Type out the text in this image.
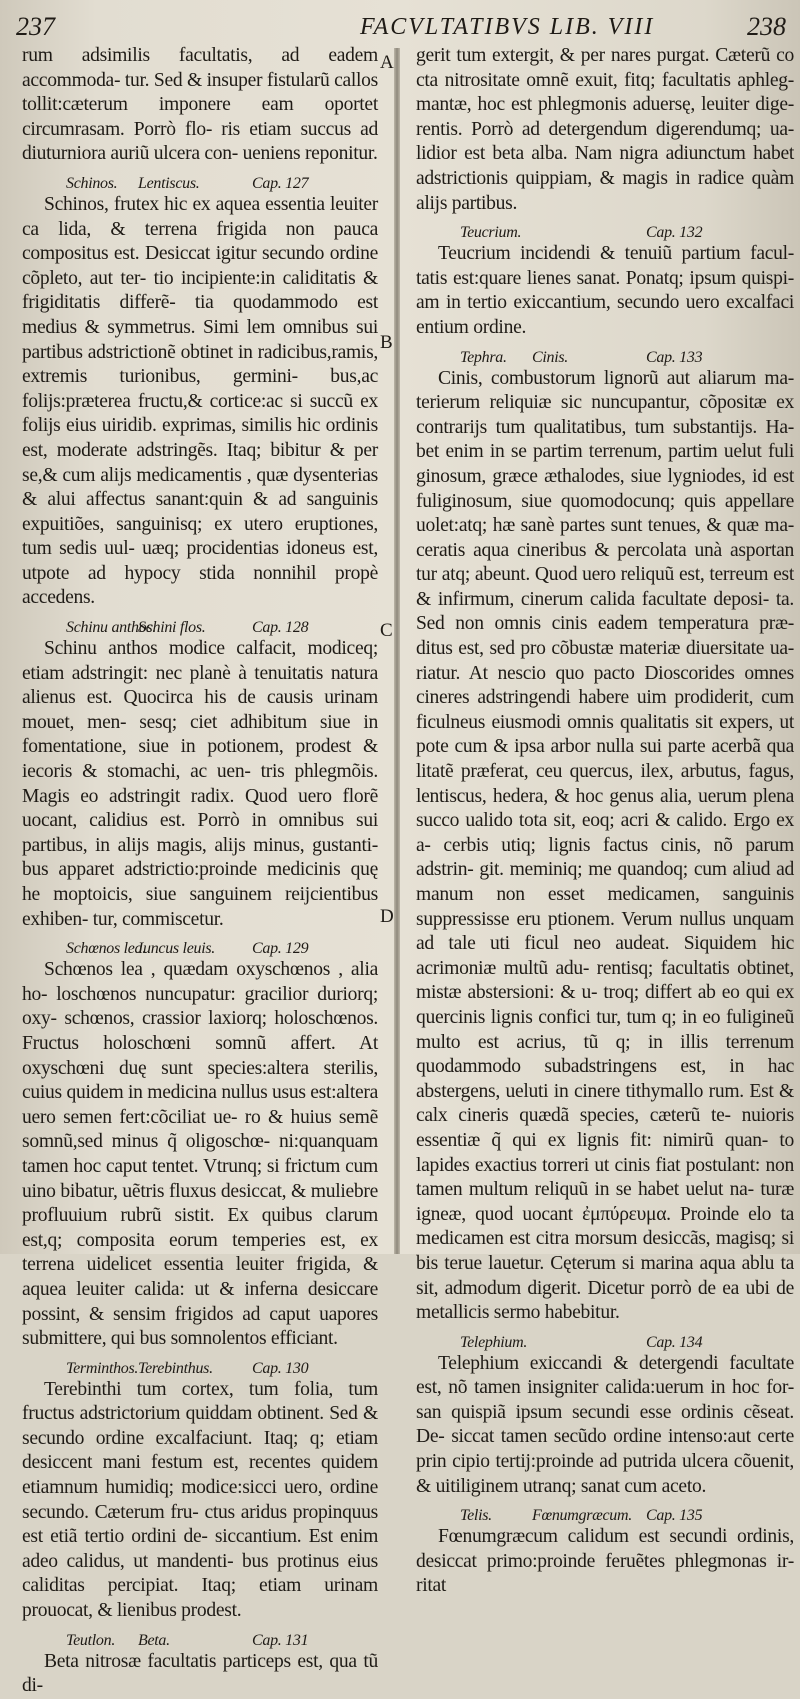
237	FACVLTATIBVS LIB. VIII	238
A
B
C
D

rum adsimilis facultatis, ad eadem accommoda- tur. Sed & insuper fistularũ callos tollit:cæterum imponere eam oportet circumrasam. Porrò flo- ris etiam succus ad diuturniora auriũ ulcera con- ueniens reponitur.

Schinos. Lentiscus.	Cap. 127

Schinos, frutex hic ex aquea essentia leuiter ca lida, & terrena frigida non pauca compositus est. Desiccat igitur secundo ordine cõpleto, aut ter- tio incipiente:in caliditatis & frigiditatis differẽ- tia quodammodo est medius & symmetrus. Simi lem omnibus sui partibus adstrictionẽ obtinet in radicibus,ramis, extremis turionibus, germini- bus,ac folijs:præterea fructu,& cortice:ac si succũ ex folijs eius uiridib. exprimas, similis hic ordinis est, moderate adstringẽs. Itaq; bibitur & per se,& cum alijs medicamentis , quæ dysenterias & alui affectus sanant:quin & ad sanguinis expuitiões, sanguinisq; ex utero eruptiones, tum sedis uul- uæq; procidentias idoneus est, utpote ad hypocy stida nonnihil propè accedens.

Schinu anthos.
Schini flos.	Cap. 128

Schinu anthos modice calfacit, modiceq; etiam adstringit: nec planè à tenuitatis natura alienus est. Quocirca his de causis urinam mouet, men- sesq; ciet adhibitum siue in fomentatione, siue in potionem, prodest & iecoris & stomachi, ac uen- tris phlegmõis. Magis eo adstringit radix. Quod uero florẽ uocant, calidius est. Porrò in omnibus sui partibus, in alijs magis, alijs minus, gustanti- bus apparet adstrictio:proinde medicinis quę he moptoicis, siue sanguinem reijcientibus exhiben- tur, commiscetur.

Schœnos lea.
Iuncus leuis. Cap. 129

Schœnos lea , quædam oxyschœnos , alia ho- loschœnos nuncupatur: gracilior duriorq; oxy- schœnos, crassior laxiorq; holoschœnos. Fructus holoschœni somnũ affert. At oxyschœni duę sunt species:altera sterilis, cuius quidem in medicina nullus usus est:altera uero semen fert:cõciliat ue- ro & huius semẽ somnũ,sed minus q̃ oligoschœ- ni:quanquam tamen hoc caput tentet. Vtrunq; si frictum cum uino bibatur, uẽtris fluxus desiccat, & muliebre profluuium rubrũ sistit. Ex quibus clarum est,q; composita eorum temperies est, ex terrena uidelicet essentia leuiter frigida, & aquea leuiter calida: ut & inferna desiccare possint, & sensim frigidos ad caput uapores submittere, qui bus somnolentos efficiant.

Terminthos. Terebinthus. Cap. 130

Terebinthi tum cortex, tum folia, tum fructus adstrictorium quiddam obtinent. Sed & secundo ordine excalfaciunt. Itaq; q; etiam desiccent mani festum est, recentes quidem etiamnum humidiq; modice:sicci uero, ordine secundo. Cæterum fru- ctus aridus propinquus est etiã tertio ordini de- siccantium. Est enim adeo calidus, ut mandenti- bus protinus eius caliditas percipiat. Itaq; etiam urinam prouocat, & lienibus prodest.

Teutlon. Beta.	Cap. 131

Beta nitrosæ facultatis particeps est, qua tũ di-

gerit tum extergit, & per nares purgat. Cæterũ co cta nitrositate omnẽ exuit, fitq; facultatis aphleg- mantæ, hoc est phlegmonis aduersę, leuiter dige- rentis. Porrò ad detergendum digerendumq; ua- lidior est beta alba. Nam nigra adiunctum habet adstrictionis quippiam, & magis in radice quàm alijs partibus.

Teucrium.	Cap. 132

Teucrium incidendi & tenuiũ partium facul- tatis est:quare lienes sanat. Ponatq; ipsum quispi- am in tertio exiccantium, secundo uero excalfaci entium ordine.

Tephra. Cinis.	Cap. 133

Cinis, combustorum lignorũ aut aliarum ma- terierum reliquiæ sic nuncupantur, cõpositæ ex contrarijs tum qualitatibus, tum substantijs. Ha- bet enim in se partim terrenum, partim uelut fuli ginosum, græce æthalodes, siue lygniodes, id est fuliginosum, siue quomodocunq; quis appellare uolet:atq; hæ sanè partes sunt tenues, & quæ ma- ceratis aqua cineribus & percolata unà asportan tur atq; abeunt. Quod uero reliquũ est, terreum est & infirmum, cinerum calida facultate deposi- ta. Sed non omnis cinis eadem temperatura præ- ditus est, sed pro cõbustæ materiæ diuersitate ua- riatur. At nescio quo pacto Dioscorides omnes cineres adstringendi habere uim prodiderit, cum ficulneus eiusmodi omnis qualitatis sit expers, ut pote cum & ipsa arbor nulla sui parte acerbã qua litatẽ præferat, ceu quercus, ilex, arbutus, fagus, lentiscus, hedera, & hoc genus alia, uerum plena succo ualido tota sit, eoq; acri & calido. Ergo ex a- cerbis utiq; lignis factus cinis, nõ parum adstrin- git. meminiq; me quandoq; cum aliud ad manum non esset medicamen, sanguinis suppressisse eru ptionem. Verum nullus unquam ad tale uti ficul neo audeat. Siquidem hic acrimoniæ multũ adu- rentisq; facultatis obtinet, mistæ abstersioni: & u- troq; differt ab eo qui ex quercinis lignis confici tur, tum q; in eo fuligineũ multo est acrius, tũ q; in illis terrenum quodammodo subadstringens est, in hac abstergens, ueluti in cinere tithymallo rum. Est & calx cineris quædã species, cæterũ te- nuioris essentiæ q̃ qui ex lignis fit: nimirũ quan- to lapides exactius torreri ut cinis fiat postulant: non tamen multum reliquũ in se habet uelut na- turæ igneæ, quod uocant ἐμπύρευμα. Proinde elo ta medicamen est citra morsum desiccãs, magisq; si bis terue lauetur. Cęterum si marina aqua ablu ta sit, admodum digerit. Dicetur porrò de ea ubi de metallicis sermo habebitur.

Telephium.	Cap. 134

Telephium exiccandi & detergendi facultate est, nõ tamen insigniter calida:uerum in hoc for- san quispiã ipsum secundi esse ordinis cẽseat. De- siccat tamen secũdo ordine intenso:aut certe prin cipio tertij:proinde ad putrida ulcera cõuenit, & uitiliginem utranq; sanat cum aceto.

Telis.	Fœnumgræcum. Cap. 135

Fœnumgræcum calidum est secundi ordinis, desiccat primo:proinde feruẽtes phlegmonas ir- ritat
